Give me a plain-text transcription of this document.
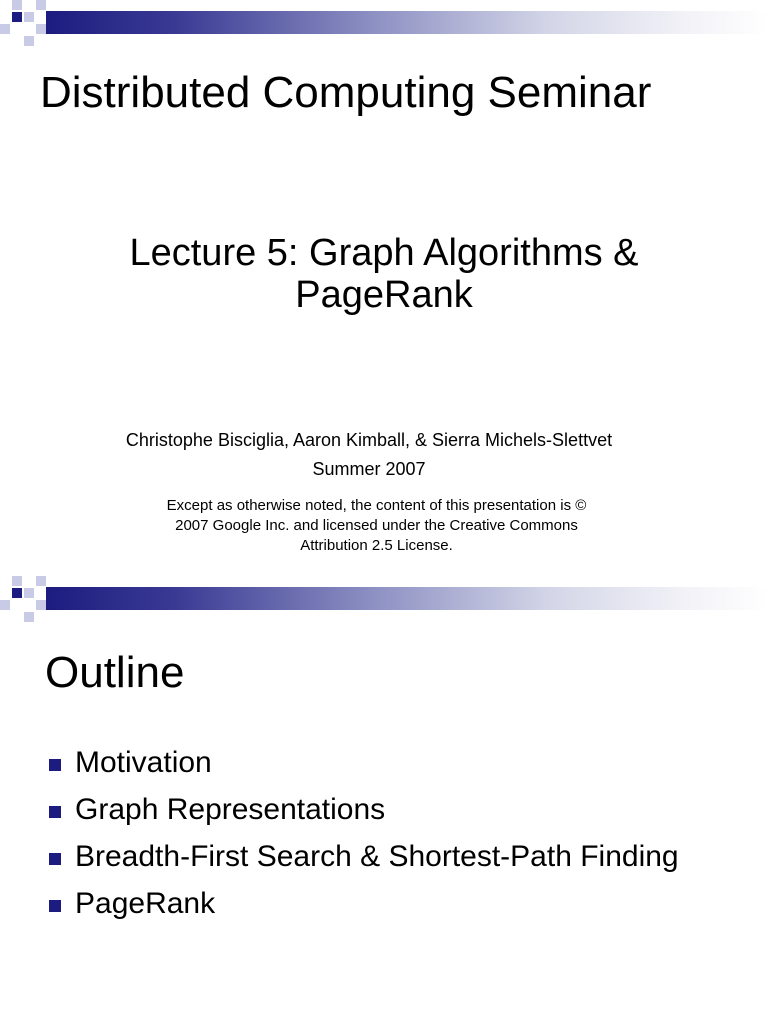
Distributed Computing Seminar
Lecture 5: Graph Algorithms &
PageRank
Christophe Bisciglia, Aaron Kimball, & Sierra Michels-Slettvet
Summer 2007
Except as otherwise noted, the content of this presentation is ©
2007 Google Inc. and licensed under the Creative Commons
Attribution 2.5 License.
Outline
Motivation
Graph Representations
Breadth-First Search & Shortest-Path Finding
PageRank
